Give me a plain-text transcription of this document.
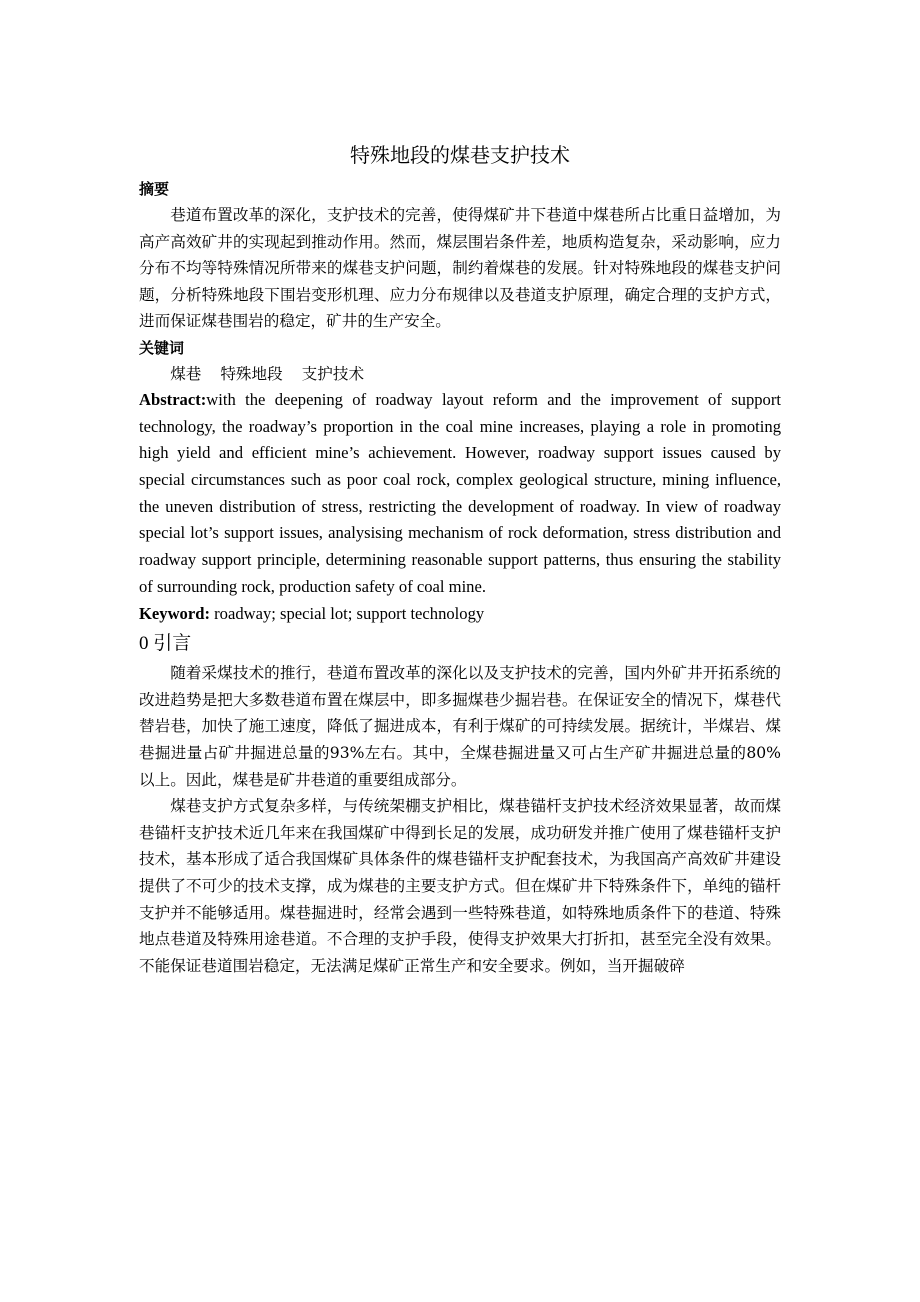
特殊地段的煤巷支护技术
摘要

巷道布置改革的深化，支护技术的完善，使得煤矿井下巷道中煤巷所占比重日益增加，为高产高效矿井的实现起到推动作用。然而，煤层围岩条件差，地质构造复杂，采动影响，应力分布不均等特殊情况所带来的煤巷支护问题，制约着煤巷的发展。针对特殊地段的煤巷支护问题，分析特殊地段下围岩变形机理、应力分布规律以及巷道支护原理，确定合理的支护方式，进而保证煤巷围岩的稳定，矿井的生产安全。

关键词

煤巷 特殊地段 支护技术

Abstract:with the deepening of roadway layout reform and the improvement of support technology, the roadway’s proportion in the coal mine increases, playing a role in promoting high yield and efficient mine’s achievement. However, roadway support issues caused by special circumstances such as poor coal rock, complex geological structure, mining influence, the uneven distribution of stress, restricting the development of roadway. In view of roadway special lot’s support issues, analysising mechanism of rock deformation, stress distribution and roadway support principle, determining reasonable support patterns, thus ensuring the stability of surrounding rock, production safety of coal mine.

Keyword: roadway; special lot; support technology

0 引言

随着采煤技术的推行，巷道布置改革的深化以及支护技术的完善，国内外矿井开拓系统的改进趋势是把大多数巷道布置在煤层中，即多掘煤巷少掘岩巷。在保证安全的情况下，煤巷代替岩巷，加快了施工速度，降低了掘进成本，有利于煤矿的可持续发展。据统计，半煤岩、煤巷掘进量占矿井掘进总量的93%左右。其中，全煤巷掘进量又可占生产矿井掘进总量的80%以上。因此，煤巷是矿井巷道的重要组成部分。

煤巷支护方式复杂多样，与传统架棚支护相比，煤巷锚杆支护技术经济效果显著，故而煤巷锚杆支护技术近几年来在我国煤矿中得到长足的发展，成功研发并推广使用了煤巷锚杆支护技术，基本形成了适合我国煤矿具体条件的煤巷锚杆支护配套技术，为我国高产高效矿井建设提供了不可少的技术支撑，成为煤巷的主要支护方式。但在煤矿井下特殊条件下，单纯的锚杆支护并不能够适用。煤巷掘进时，经常会遇到一些特殊巷道，如特殊地质条件下的巷道、特殊地点巷道及特殊用途巷道。不合理的支护手段，使得支护效果大打折扣，甚至完全没有效果。不能保证巷道围岩稳定，无法满足煤矿正常生产和安全要求。例如，当开掘破碎
